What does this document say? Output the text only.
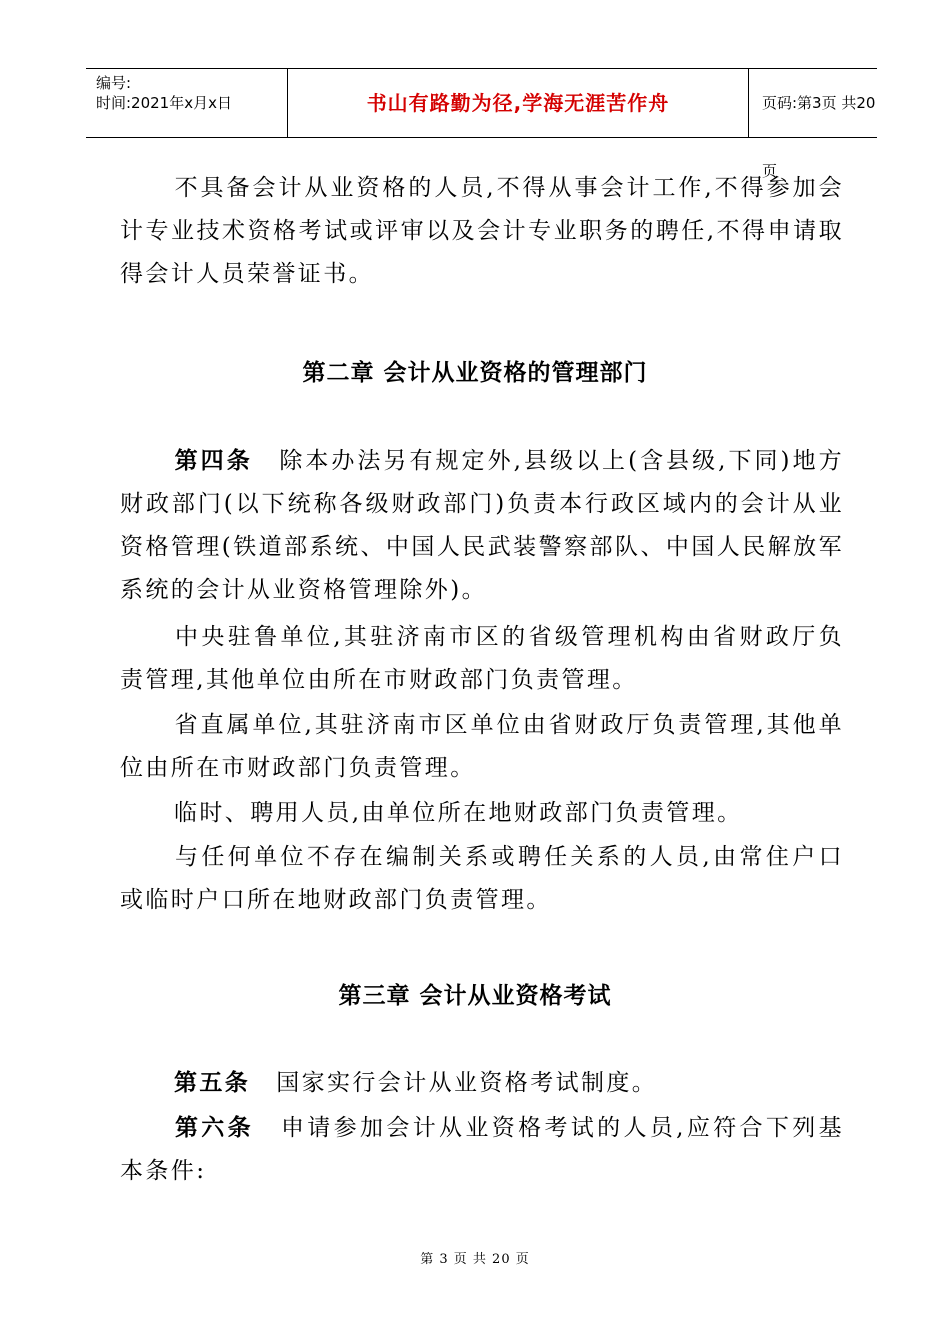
编号:
时间:2021年x月x日	书山有路勤为径,学海无涯苦作舟	页码:第3页 共20页

不具备会计从业资格的人员,不得从事会计工作,不得参加会计专业技术资格考试或评审以及会计专业职务的聘任,不得申请取得会计人员荣誉证书。

第二章 会计从业资格的管理部门

第四条 除本办法另有规定外,县级以上(含县级,下同)地方财政部门(以下统称各级财政部门)负责本行政区域内的会计从业资格管理(铁道部系统、中国人民武装警察部队、中国人民解放军系统的会计从业资格管理除外)。

中央驻鲁单位,其驻济南市区的省级管理机构由省财政厅负责管理,其他单位由所在市财政部门负责管理。

省直属单位,其驻济南市区单位由省财政厅负责管理,其他单位由所在市财政部门负责管理。

临时、聘用人员,由单位所在地财政部门负责管理。

与任何单位不存在编制关系或聘任关系的人员,由常住户口或临时户口所在地财政部门负责管理。

第三章 会计从业资格考试

第五条 国家实行会计从业资格考试制度。

第六条 申请参加会计从业资格考试的人员,应符合下列基本条件:

第 3 页 共 20 页
